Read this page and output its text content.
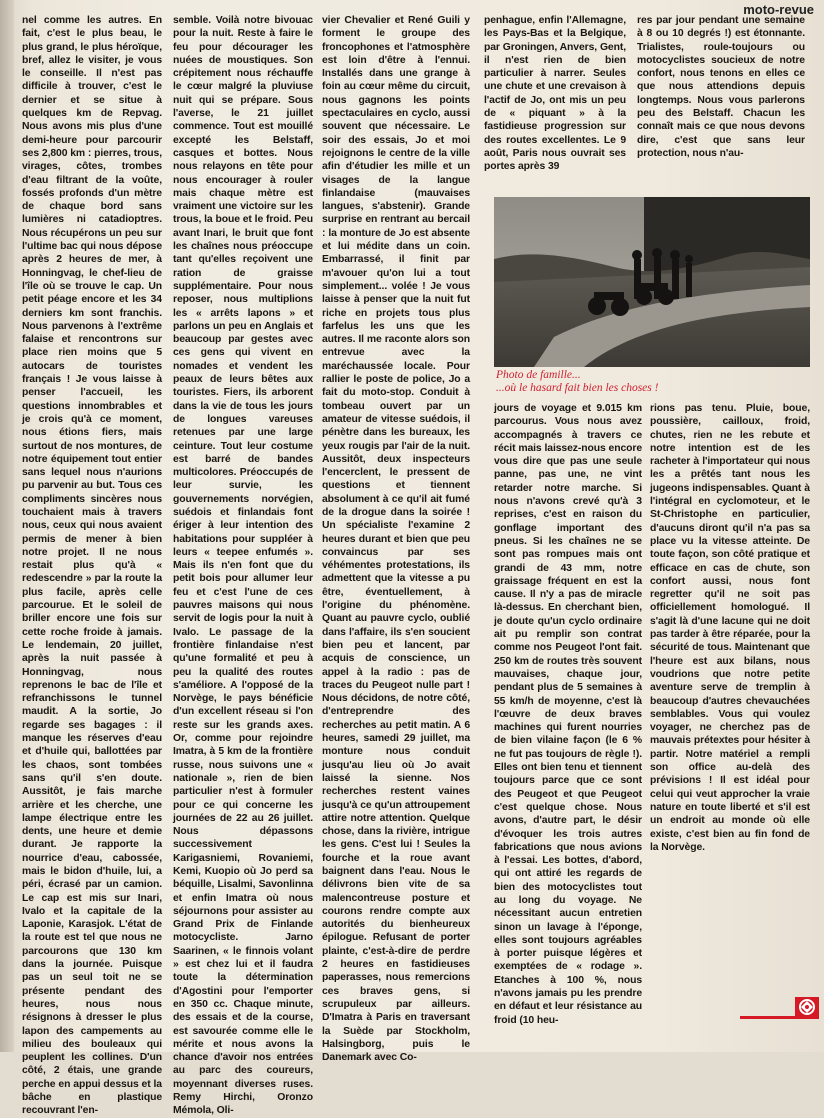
moto-revue

nel comme les autres. En fait, c'est le plus beau, le plus grand, le plus héroïque, bref, allez le visiter, je vous le conseille. Il n'est pas difficile à trouver, c'est le dernier et se situe à quelques km de Repvag. Nous avons mis plus d'une demi-heure pour parcourir ses 2,800 km : pierres, trous, virages, côtes, trombes d'eau filtrant de la voûte, fossés profonds d'un mètre de chaque bord sans lumières ni catadioptres. Nous récupérons un peu sur l'ultime bac qui nous dépose après 2 heures de mer, à Honningvag, le chef-lieu de l'île où se trouve le cap. Un petit péage encore et les 34 derniers km sont franchis. Nous parvenons à l'extrême falaise et rencontrons sur place rien moins que 5 autocars de touristes français ! Je vous laisse à penser l'accueil, les questions innombrables et je crois qu'à ce moment, nous étions fiers, mais surtout de nos montures, de notre équipement tout entier sans lequel nous n'aurions pu parvenir au but. Tous ces compliments sincères nous touchaient mais à travers nous, ceux qui nous avaient permis de mener à bien notre projet. Il ne nous restait plus qu'à « redescendre » par la route la plus facile, après celle parcourue. Et le soleil de briller encore une fois sur cette roche froide à jamais. Le lendemain, 20 juillet, après la nuit passée à Honningvag, nous reprenons le bac de l'île et refranchissons le tunnel maudit. A la sortie, Jo regarde ses bagages : il manque les réserves d'eau et d'huile qui, ballottées par les chaos, sont tombées sans qu'il s'en doute. Aussitôt, je fais marche arrière et les cherche, une lampe électrique entre les dents, une heure et demie durant. Je rapporte la nourrice d'eau, cabossée, mais le bidon d'huile, lui, a péri, écrasé par un camion. Le cap est mis sur Inari, Ivalo et la capitale de la Laponie, Karasjok. L'état de la route est tel que nous ne parcourons que 130 km dans la journée. Puisque pas un seul toit ne se présente pendant des heures, nous nous résignons à dresser le plus lapon des campements au milieu des bouleaux qui peuplent les collines. D'un côté, 2 étais, une grande perche en appui dessus et la bâche en plastique recouvrant l'en-

semble. Voilà notre bivouac pour la nuit. Reste à faire le feu pour décourager les nuées de moustiques. Son crépitement nous réchauffe le cœur malgré la pluviuse nuit qui se prépare. Sous l'averse, le 21 juillet commence. Tout est mouillé excepté les Belstaff, casques et bottes. Nous nous relayons en tête pour nous encourager à rouler mais chaque mètre est vraiment une victoire sur les trous, la boue et le froid. Peu avant Inari, le bruit que font les chaînes nous préoccupe tant qu'elles reçoivent une ration de graisse supplémentaire. Pour nous reposer, nous multiplions les « arrêts lapons » et parlons un peu en Anglais et beaucoup par gestes avec ces gens qui vivent en nomades et vendent les peaux de leurs bêtes aux touristes. Fiers, ils arborent dans la vie de tous les jours de longues vareuses retenues par une large ceinture. Tout leur costume est barré de bandes multicolores. Préoccupés de leur survie, les gouvernements norvégien, suédois et finlandais font ériger à leur intention des habitations pour suppléer à leurs « teepee enfumés ». Mais ils n'en font que du petit bois pour allumer leur feu et c'est l'une de ces pauvres maisons qui nous servit de logis pour la nuit à Ivalo. Le passage de la frontière finlandaise n'est qu'une formalité et peu à peu la qualité des routes s'améliore. A l'opposé de la Norvège, le pays bénéficie d'un excellent réseau si l'on reste sur les grands axes. Or, comme pour rejoindre Imatra, à 5 km de la frontière russe, nous suivons une « nationale », rien de bien particulier n'est à formuler pour ce qui concerne les journées de 22 au 26 juillet. Nous dépassons successivement Karigasniemi, Rovaniemi, Kemi, Kuopio où Jo perd sa béquille, Lisalmi, Savonlinna et enfin Imatra où nous séjournons pour assister au Grand Prix de Finlande motocycliste. Jarno Saarinen, « le finnois volant » est chez lui et il faudra toute la détermination d'Agostini pour l'emporter en 350 cc. Chaque minute, des essais et de la course, est savourée comme elle le mérite et nous avons la chance d'avoir nos entrées au parc des coureurs, moyennant diverses ruses. Remy Hirchi, Oronzo Mémola, Oli-

vier Chevalier et René Guili y forment le groupe des froncophones et l'atmosphère est loin d'être à l'ennui. Installés dans une grange à foin au cœur même du circuit, nous gagnons les points spectaculaires en cyclo, aussi souvent que nécessaire. Le soir des essais, Jo et moi rejoignons le centre de la ville afin d'étudier les mille et un visages de la langue finlandaise (mauvaises langues, s'abstenir). Grande surprise en rentrant au bercail : la monture de Jo est absente et lui médite dans un coin. Embarrassé, il finit par m'avouer qu'on lui a tout simplement... volée ! Je vous laisse à penser que la nuit fut riche en projets tous plus farfelus les uns que les autres. Il me raconte alors son entrevue avec la maréchaussée locale. Pour rallier le poste de police, Jo a fait du moto-stop. Conduit à tombeau ouvert par un amateur de vitesse suédois, il pénètre dans les bureaux, les yeux rougis par l'air de la nuit. Aussitôt, deux inspecteurs l'encerclent, le pressent de questions et tiennent absolument à ce qu'il ait fumé de la drogue dans la soirée ! Un spécialiste l'examine 2 heures durant et bien que peu convaincus par ses véhémentes protestations, ils admettent que la vitesse a pu être, éventuellement, à l'origine du phénomène. Quant au pauvre cyclo, oublié dans l'affaire, ils s'en soucient bien peu et lancent, par acquis de conscience, un appel à la radio : pas de traces du Peugeot nulle part ! Nous décidons, de notre côté, d'entreprendre des recherches au petit matin. A 6 heures, samedi 29 juillet, ma monture nous conduit jusqu'au lieu où Jo avait laissé la sienne. Nos recherches restent vaines jusqu'à ce qu'un attroupement attire notre attention. Quelque chose, dans la rivière, intrigue les gens. C'est lui ! Seules la fourche et la roue avant baignent dans l'eau. Nous le délivrons bien vite de sa malencontreuse posture et courons rendre compte aux autorités du bienheureux épilogue. Refusant de porter plainte, c'est-à-dire de perdre 2 heures en fastidieuses paperasses, nous remercions ces braves gens, si scrupuleux par ailleurs. D'Imatra à Paris en traversant la Suède par Stockholm, Halsingborg, puis le Danemark avec Co-

penhague, enfin l'Allemagne, les Pays-Bas et la Belgique, par Groningen, Anvers, Gent, il n'est rien de bien particulier à narrer. Seules une chute et une crevaison à l'actif de Jo, ont mis un peu de « piquant » à la fastidieuse progression sur des routes excellentes. Le 9 août, Paris nous ouvrait ses portes après 39

res par jour pendant une semaine à 8 ou 10 degrés !) est étonnante. Trialistes, roule-toujours ou motocyclistes soucieux de notre confort, nous tenons en elles ce que nous attendions depuis longtemps. Nous vous parlerons peu des Belstaff. Chacun les connaît mais ce que nous devons dire, c'est que sans leur protection, nous n'au-

Photo de famille...
...où le hasard fait bien les choses !

jours de voyage et 9.015 km parcourus. Vous nous avez accompagnés à travers ce récit mais laissez-nous encore vous dire que pas une seule panne, pas une, ne vint retarder notre marche. Si nous n'avons crevé qu'à 3 reprises, c'est en raison du gonflage important des pneus. Si les chaînes ne se sont pas rompues mais ont grandi de 43 mm, notre graissage fréquent en est la cause. Il n'y a pas de miracle là-dessus. En cherchant bien, je doute qu'un cyclo ordinaire ait pu remplir son contrat comme nos Peugeot l'ont fait. 250 km de routes très souvent mauvaises, chaque jour, pendant plus de 5 semaines à 55 km/h de moyenne, c'est là l'œuvre de deux braves machines qui furent nourries de bien vilaine façon (le 6 % ne fut pas toujours de règle !). Elles ont bien tenu et tiennent toujours parce que ce sont des Peugeot et que Peugeot c'est quelque chose. Nous avons, d'autre part, le désir d'évoquer les trois autres fabrications que nous avions à l'essai. Les bottes, d'abord, qui ont attiré les regards de bien des motocyclistes tout au long du voyage. Ne nécessitant aucun entretien sinon un lavage à l'éponge, elles sont toujours agréables à porter puisque légères et exemptées de « rodage ». Etanches à 100 %, nous n'avons jamais pu les prendre en défaut et leur résistance au froid (10 heu-

rions pas tenu. Pluie, boue, poussière, cailloux, froid, chutes, rien ne les rebute et notre intention est de les racheter à l'importateur qui nous les a prêtés tant nous les jugeons indispensables. Quant à l'intégral en cyclomoteur, et le St-Christophe en particulier, d'aucuns diront qu'il n'a pas sa place vu la vitesse atteinte. De toute façon, son côté pratique et efficace en cas de chute, son confort aussi, nous font regretter qu'il ne soit pas officiellement homologué. Il s'agit là d'une lacune qui ne doit pas tarder à être réparée, pour la sécurité de tous. Maintenant que l'heure est aux bilans, nous voudrions que notre petite aventure serve de tremplin à beaucoup d'autres chevauchées semblables. Vous qui voulez voyager, ne cherchez pas de mauvais prétextes pour hésiter à partir. Notre matériel a rempli son office au-delà des prévisions ! Il est idéal pour celui qui veut approcher la vraie nature en toute liberté et s'il est un endroit au monde où elle existe, c'est bien au fin fond de la Norvège.
